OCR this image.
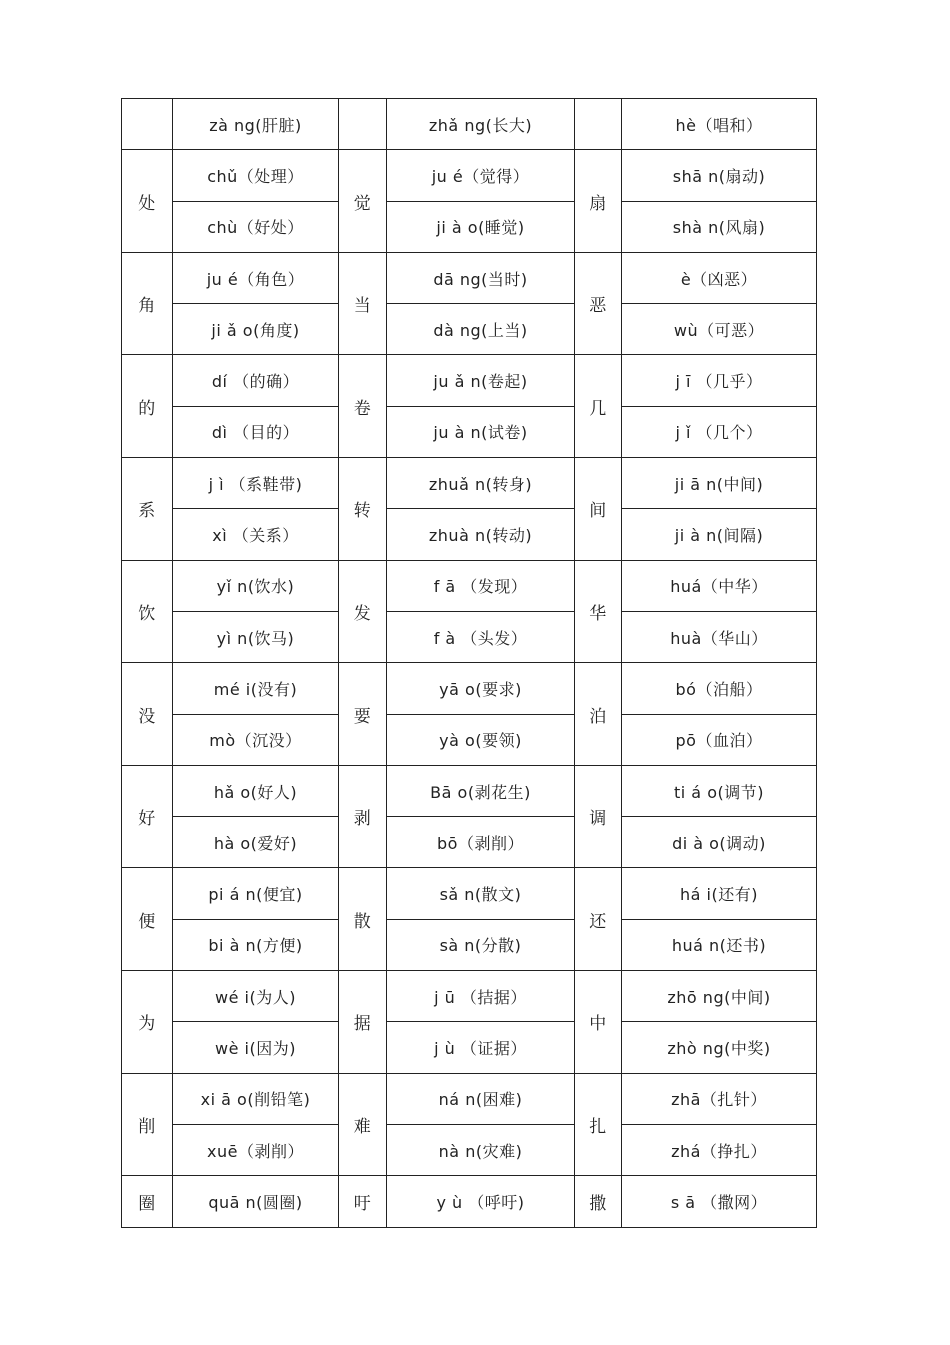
	zà ng(肝脏)		zhǎ ng(长大)		hè（唱和）
处	chǔ（处理）	觉	ju é（觉得）	扇	shā n(扇动)
	chù（好处）		ji à o(睡觉)		shà n(风扇)
角	ju é（角色）	当	dā ng(当时)	恶	è（凶恶）
	ji ǎ o(角度)		dà ng(上当)		wù（可恶）
的	dí （的确）	卷	ju ǎ n(卷起)	几	j ī （几乎）
	dì （目的）		ju à n(试卷)		j ǐ （几个）
系	j ì （系鞋带)	转	zhuǎ n(转身)	间	ji ā n(中间)
	xì （关系）		zhuà n(转动)		ji à n(间隔)
饮	yǐ n(饮水)	发	f ā （发现）	华	huá（中华）
	yì n(饮马)		f à （头发）		huà（华山）
没	mé i(没有)	要	yā o(要求)	泊	bó（泊船）
	mò（沉没）		yà o(要领)		pō（血泊）
好	hǎ o(好人)	剥	Bā o(剥花生)	调	ti á o(调节)
	hà o(爱好)		bō（剥削）		di à o(调动)
便	pi á n(便宜)	散	sǎ n(散文)	还	há i(还有)
	bi à n(方便)		sà n(分散)		huá n(还书)
为	wé i(为人)	据	j ū （拮据）	中	zhō ng(中间)
	wè i(因为)		j ù （证据）		zhò ng(中奖)
削	xi ā o(削铅笔)	难	ná n(困难)	扎	zhā（扎针）
	xuē（剥削）		nà n(灾难)		zhá（挣扎）
圈	quā n(圆圈)	吁	y ù （呼吁)	撒	s ā （撒网）
